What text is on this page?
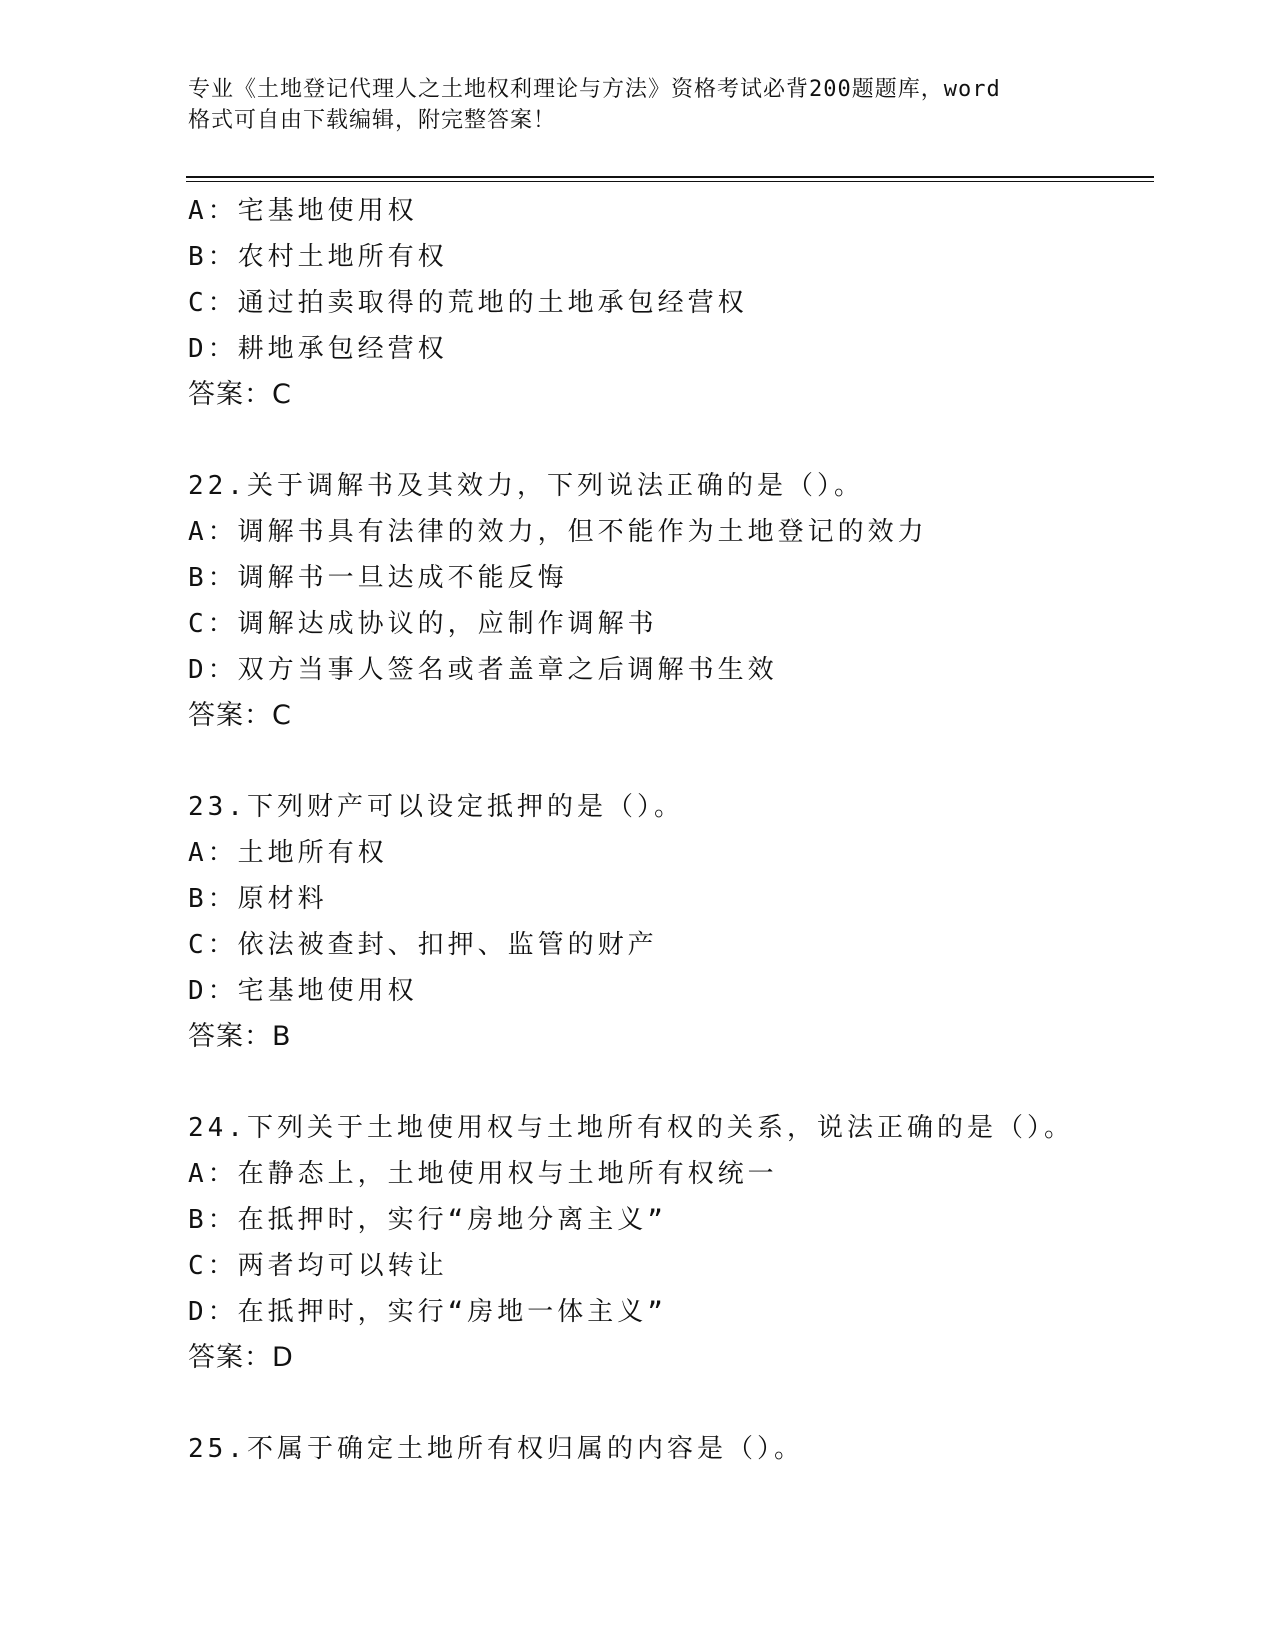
专业《土地登记代理人之土地权利理论与方法》资格考试必背200题题库，word
格式可自由下载编辑，附完整答案！
A：宅基地使用权
B：农村土地所有权
C：通过拍卖取得的荒地的土地承包经营权
D：耕地承包经营权
答案：C
22.关于调解书及其效力，下列说法正确的是（）。
A：调解书具有法律的效力，但不能作为土地登记的效力
B：调解书一旦达成不能反悔
C：调解达成协议的，应制作调解书
D：双方当事人签名或者盖章之后调解书生效
答案：C
23.下列财产可以设定抵押的是（）。
A：土地所有权
B：原材料
C：依法被查封、扣押、监管的财产
D：宅基地使用权
答案：B
24.下列关于土地使用权与土地所有权的关系，说法正确的是（）。
A：在静态上，土地使用权与土地所有权统一
B：在抵押时，实行“房地分离主义”
C：两者均可以转让
D：在抵押时，实行“房地一体主义”
答案：D
25.不属于确定土地所有权归属的内容是（）。
